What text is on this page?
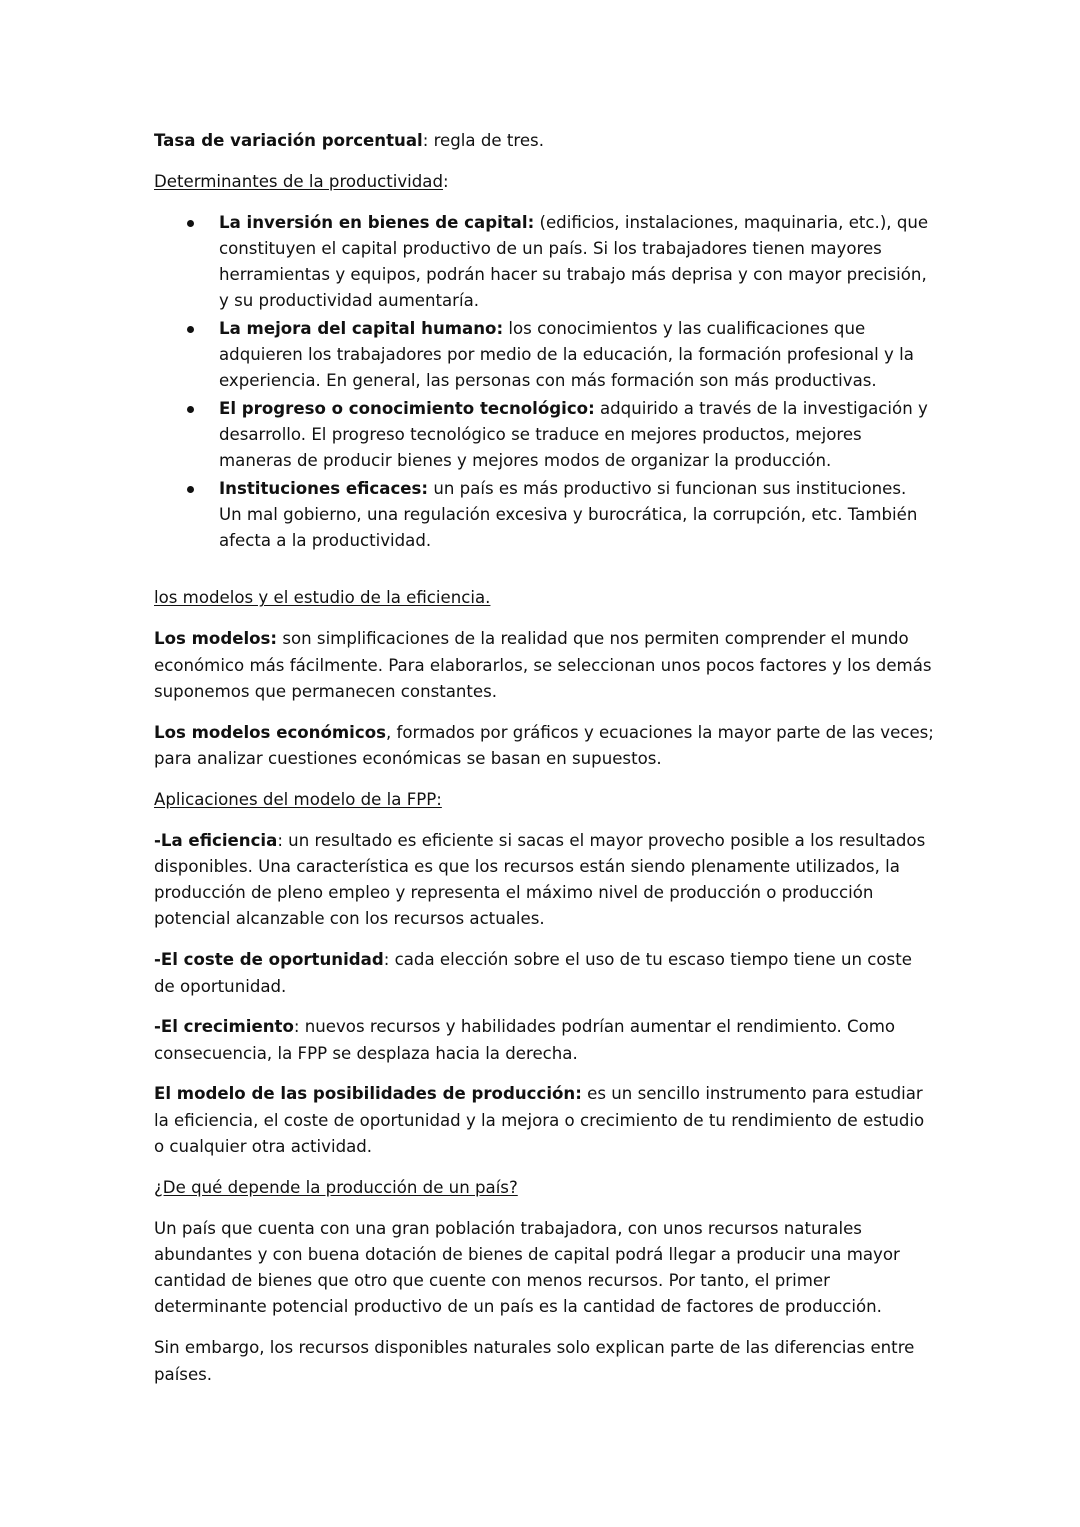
Tasa de variación porcentual: regla de tres.

Determinantes de la productividad:

La inversión en bienes de capital: (edificios, instalaciones, maquinaria, etc.), que constituyen el capital productivo de un país. Si los trabajadores tienen mayores herramientas y equipos, podrán hacer su trabajo más deprisa y con mayor precisión, y su productividad aumentaría.
La mejora del capital humano: los conocimientos y las cualificaciones que adquieren los trabajadores por medio de la educación, la formación profesional y la experiencia. En general, las personas con más formación son más productivas.
El progreso o conocimiento tecnológico: adquirido a través de la investigación y desarrollo. El progreso tecnológico se traduce en mejores productos, mejores maneras de producir bienes y mejores modos de organizar la producción.
Instituciones eficaces: un país es más productivo si funcionan sus instituciones. Un mal gobierno, una regulación excesiva y burocrática, la corrupción, etc. También afecta a la productividad.

los modelos y el estudio de la eficiencia.

Los modelos: son simplificaciones de la realidad que nos permiten comprender el mundo económico más fácilmente. Para elaborarlos, se seleccionan unos pocos factores y los demás suponemos que permanecen constantes.

Los modelos económicos, formados por gráficos y ecuaciones la mayor parte de las veces; para analizar cuestiones económicas se basan en supuestos.

Aplicaciones del modelo de la FPP:

-La eficiencia: un resultado es eficiente si sacas el mayor provecho posible a los resultados disponibles. Una característica es que los recursos están siendo plenamente utilizados, la producción de pleno empleo y representa el máximo nivel de producción o producción potencial alcanzable con los recursos actuales.

-El coste de oportunidad: cada elección sobre el uso de tu escaso tiempo tiene un coste de oportunidad.

-El crecimiento: nuevos recursos y habilidades podrían aumentar el rendimiento. Como consecuencia, la FPP se desplaza hacia la derecha.

El modelo de las posibilidades de producción: es un sencillo instrumento para estudiar la eficiencia, el coste de oportunidad y la mejora o crecimiento de tu rendimiento de estudio o cualquier otra actividad.

¿De qué depende la producción de un país?

Un país que cuenta con una gran población trabajadora, con unos recursos naturales abundantes y con buena dotación de bienes de capital podrá llegar a producir una mayor cantidad de bienes que otro que cuente con menos recursos. Por tanto, el primer determinante potencial productivo de un país es la cantidad de factores de producción.

Sin embargo, los recursos disponibles naturales solo explican parte de las diferencias entre países.
